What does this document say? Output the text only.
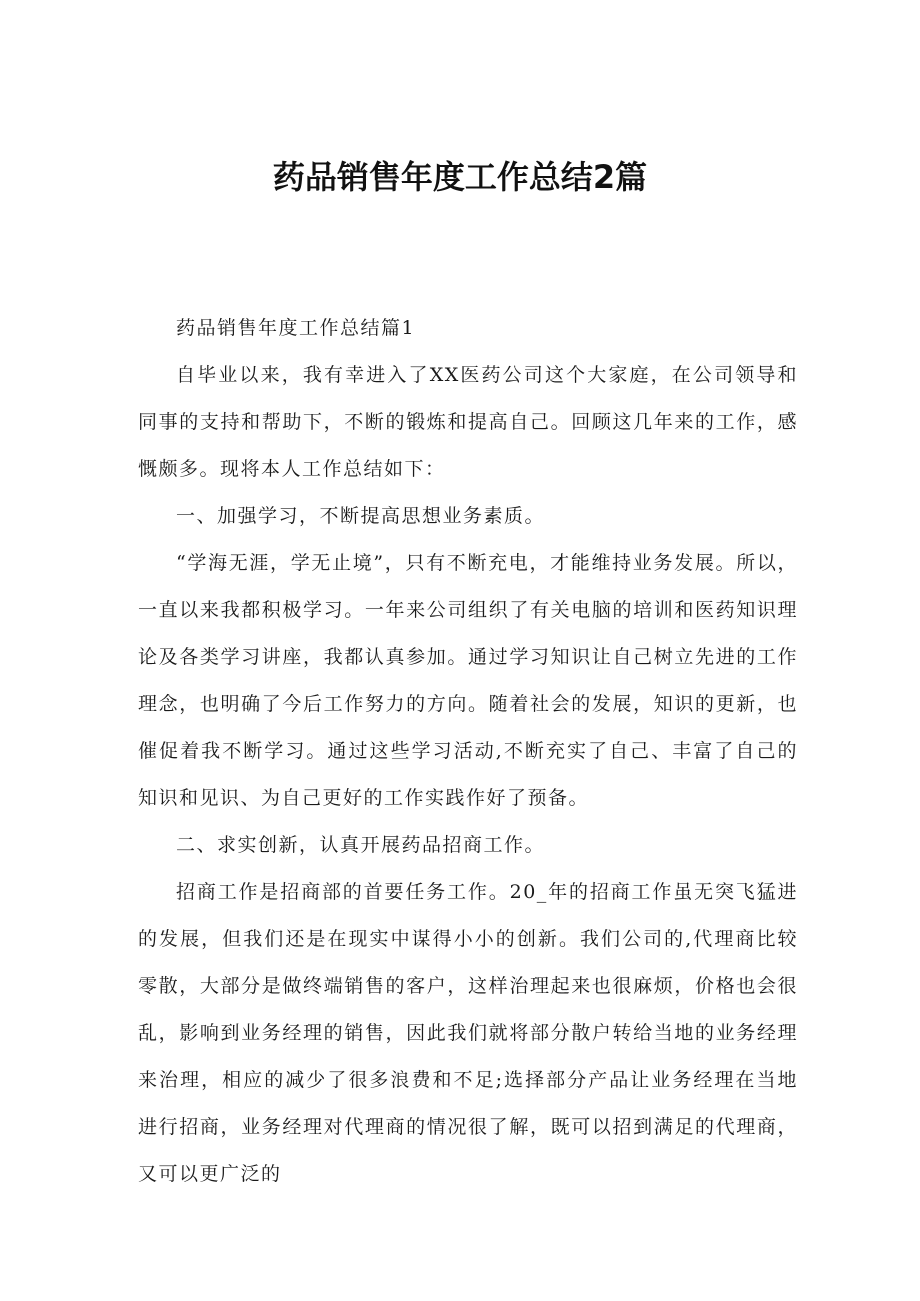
药品销售年度工作总结2篇

药品销售年度工作总结篇1

自毕业以来，我有幸进入了XX医药公司这个大家庭，在公司领导和同事的支持和帮助下，不断的锻炼和提高自己。回顾这几年来的工作，感慨颇多。现将本人工作总结如下：

一、加强学习，不断提高思想业务素质。

“学海无涯，学无止境”，只有不断充电，才能维持业务发展。所以，一直以来我都积极学习。一年来公司组织了有关电脑的培训和医药知识理论及各类学习讲座，我都认真参加。通过学习知识让自己树立先进的工作理念，也明确了今后工作努力的方向。随着社会的发展，知识的更新，也催促着我不断学习。通过这些学习活动,不断充实了自己、丰富了自己的知识和见识、为自己更好的工作实践作好了预备。

二、求实创新，认真开展药品招商工作。

招商工作是招商部的首要任务工作。20_年的招商工作虽无突飞猛进的发展，但我们还是在现实中谋得小小的创新。我们公司的,代理商比较零散，大部分是做终端销售的客户，这样治理起来也很麻烦，价格也会很乱，影响到业务经理的销售，因此我们就将部分散户转给当地的业务经理来治理，相应的减少了很多浪费和不足;选择部分产品让业务经理在当地进行招商，业务经理对代理商的情况很了解，既可以招到满足的代理商，又可以更广泛的
